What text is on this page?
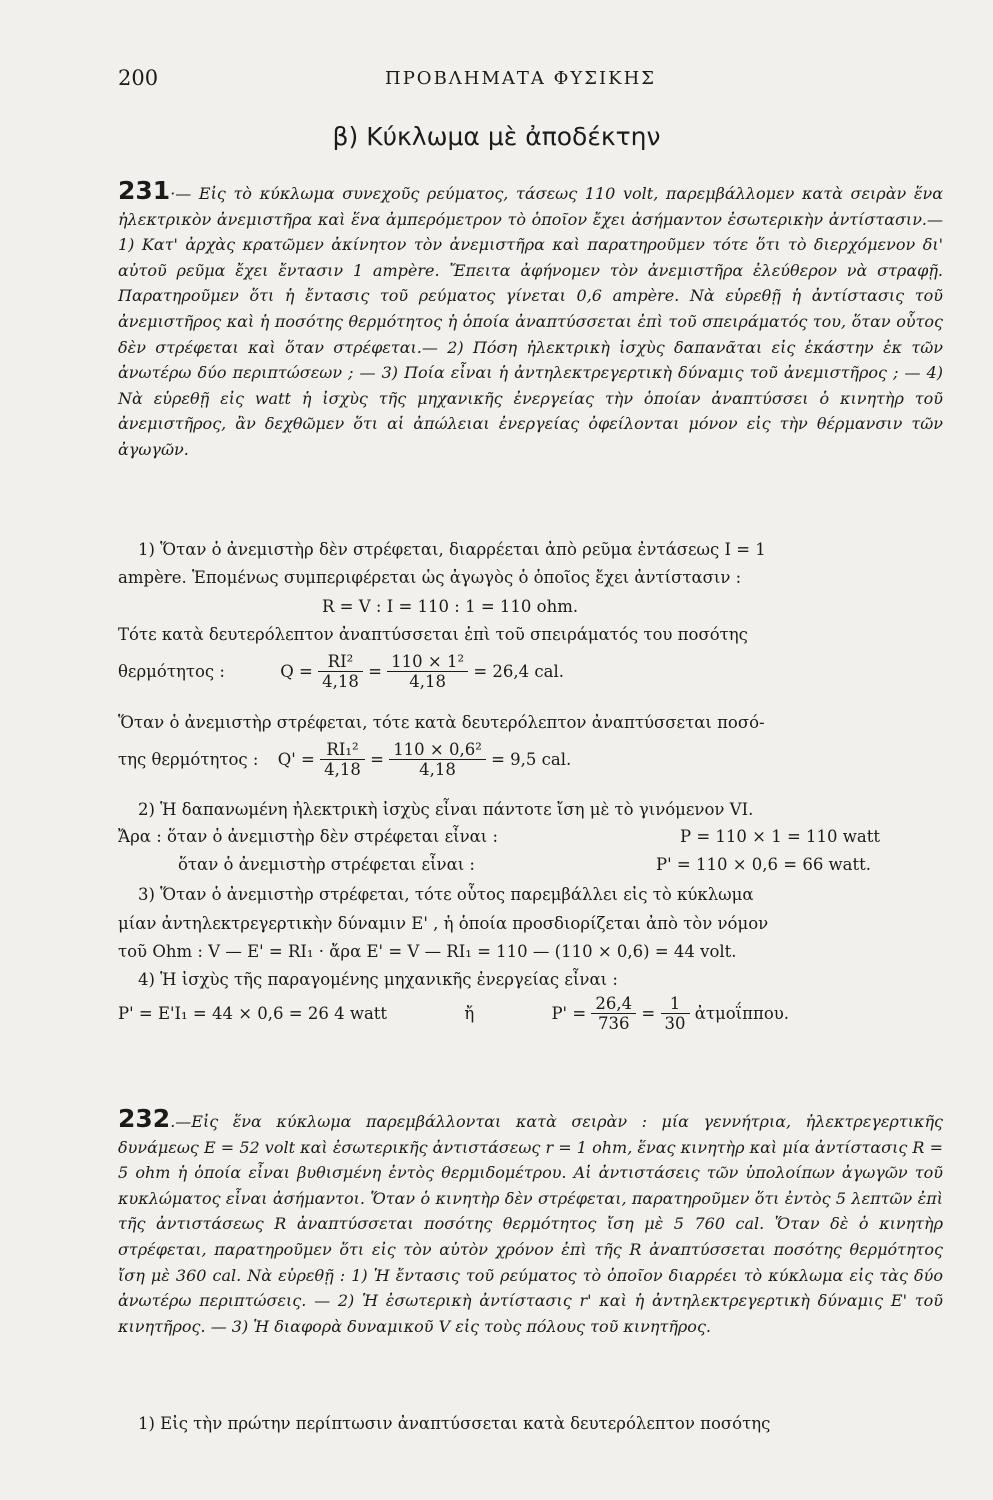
200	ΠΡΟΒΛΗΜΑΤΑ ΦΥΣΙΚΗΣ
β) Κύκλωμα μὲ ἀποδέκτην

231·— Εἰς τὸ κύκλωμα συνεχοῦς ρεύματος, τάσεως 110 volt, παρεμβάλλομεν κατὰ σειρὰν ἕνα ἠλεκτρικὸν ἀνεμιστῆρα καὶ ἕνα ἀμπερόμετρον τὸ ὁποῖον ἔχει ἀσήμαντον ἐσωτερικὴν ἀντίστασιν.— 1) Κατ' ἀρχὰς κρατῶμεν ἀκίνητον τὸν ἀνεμιστῆρα καὶ παρατηροῦμεν τότε ὅτι τὸ διερχόμενον δι' αὐτοῦ ρεῦμα ἔχει ἔντασιν 1 ampère. Ἔπειτα ἀφήνομεν τὸν ἀνεμιστῆρα ἐλεύθερον νὰ στραφῇ. Παρατηροῦμεν ὅτι ἡ ἔντασις τοῦ ρεύματος γίνεται 0,6 ampère. Νὰ εὑρεθῇ ἡ ἀντίστασις τοῦ ἀνεμιστῆρος καὶ ἡ ποσότης θερμότητος ἡ ὁποία ἀναπτύσσεται ἐπὶ τοῦ σπειράματός του, ὅταν οὗτος δὲν στρέφεται καὶ ὅταν στρέφεται.— 2) Πόση ἠλεκτρικὴ ἰσχὺς δαπανᾶται εἰς ἑκάστην ἐκ τῶν ἀνωτέρω δύο περιπτώσεων ; — 3) Ποία εἶναι ἡ ἀντηλεκτρεγερτικὴ δύναμις τοῦ ἀνεμιστῆρος ; — 4) Νὰ εὑρεθῇ εἰς watt ἡ ἰσχὺς τῆς μηχανικῆς ἐνεργείας τὴν ὁποίαν ἀναπτύσσει ὁ κινητὴρ τοῦ ἀνεμιστῆρος, ἂν δεχθῶμεν ὅτι αἱ ἀπώλειαι ἐνεργείας ὀφείλονται μόνον εἰς τὴν θέρμανσιν τῶν ἀγωγῶν.

1) Ὅταν ὁ ἀνεμιστὴρ δὲν στρέφεται, διαρρέεται ἀπὸ ρεῦμα ἐντάσεως I = 1
ampère. Ἑπομένως συμπεριφέρεται ὡς ἀγωγὸς ὁ ὁποῖος ἔχει ἀντίστασιν :
R = V : I = 110 : 1 = 110 ohm.
Τότε κατὰ δευτερόλεπτον ἀναπτύσσεται ἐπὶ τοῦ σπειράματός του ποσότης
θερμότητος :	$Q = \frac{\text{RI²}}{4,18} = \frac{\text{110 × 1²}}{4,18} = 26,4$ cal.
Ὅταν ὁ ἀνεμιστὴρ στρέφεται, τότε κατὰ δευτερόλεπτον ἀναπτύσσεται ποσό-
της θερμότητος : $Q' = \frac{\text{RI₁²}}{4,18} = \frac{\text{110 × 0,6²}}{4,18} = 9,5$ cal.
2) Ἡ δαπανωμένη ἠλεκτρικὴ ἰσχὺς εἶναι πάντοτε ἴση μὲ τὸ γινόμενον VI.
Ἄρα : ὅταν ὁ ἀνεμιστὴρ δὲν στρέφεται εἶναι :	P = 110 × 1 = 110 watt
ὅταν ὁ ἀνεμιστὴρ στρέφεται εἶναι :	P' = 110 × 0,6 = 66 watt.
3) Ὅταν ὁ ἀνεμιστὴρ στρέφεται, τότε οὗτος παρεμβάλλει εἰς τὸ κύκλωμα
μίαν ἀντηλεκτρεγερτικὴν δύναμιν E' , ἡ ὁποία προσδιορίζεται ἀπὸ τὸν νόμον
τοῦ Ohm : V — E' = RI₁ · ἄρα E' = V — RI₁ = 110 — (110 × 0,6) = 44 volt.
4) Ἡ ἰσχὺς τῆς παραγομένης μηχανικῆς ἐνεργείας εἶναι :
P' = E'I₁ = 44 × 0,6 = 26 4 watt	ἤ	$P' = \frac{26,4}{736} = \frac{1}{30}$ ἀτμοΐππου.

232.—Εἰς ἕνα κύκλωμα παρεμβάλλονται κατὰ σειρὰν : μία γεννήτρια, ἠλεκτρεγερτικῆς δυνάμεως E = 52 volt καὶ ἐσωτερικῆς ἀντιστάσεως r = 1 ohm, ἕνας κινητὴρ καὶ μία ἀντίστασις R = 5 ohm ἡ ὁποία εἶναι βυθισμένη ἐντὸς θερμιδομέτρου. Αἱ ἀντιστάσεις τῶν ὑπολοίπων ἀγωγῶν τοῦ κυκλώματος εἶναι ἀσήμαντοι. Ὅταν ὁ κινητὴρ δὲν στρέφεται, παρατηροῦμεν ὅτι ἐντὸς 5 λεπτῶν ἐπὶ τῆς ἀντιστάσεως R ἀναπτύσσεται ποσότης θερμότητος ἴση μὲ 5 760 cal. Ὅταν δὲ ὁ κινητὴρ στρέφεται, παρατηροῦμεν ὅτι εἰς τὸν αὐτὸν χρόνον ἐπὶ τῆς R ἀναπτύσσεται ποσότης θερμότητος ἴση μὲ 360 cal. Νὰ εὑρεθῇ : 1) Ἡ ἔντασις τοῦ ρεύματος τὸ ὁποῖον διαρρέει τὸ κύκλωμα εἰς τὰς δύο ἀνωτέρω περιπτώσεις. — 2) Ἡ ἐσωτερικὴ ἀντίστασις r' καὶ ἡ ἀντηλεκτρεγερτικὴ δύναμις E' τοῦ κινητῆρος. — 3) Ἡ διαφορὰ δυναμικοῦ V εἰς τοὺς πόλους τοῦ κινητῆρος.

1) Εἰς τὴν πρώτην περίπτωσιν ἀναπτύσσεται κατὰ δευτερόλεπτον ποσότης
